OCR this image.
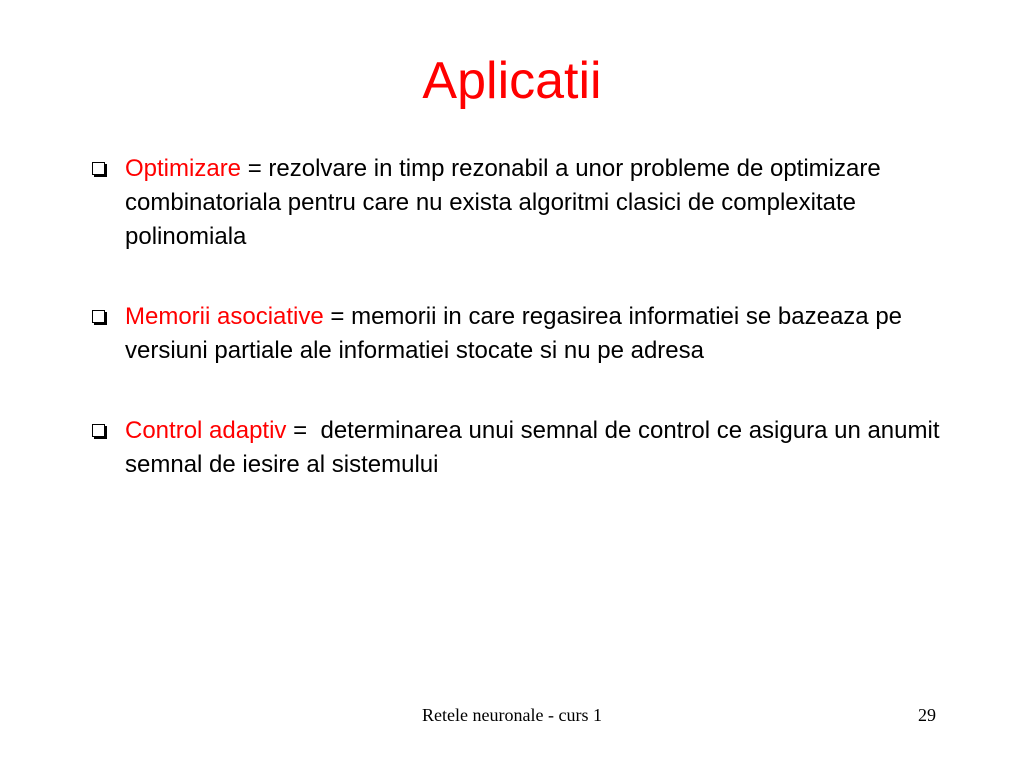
Aplicatii
Optimizare = rezolvare in timp rezonabil a unor probleme de optimizare combinatoriala pentru care nu exista algoritmi clasici de complexitate polinomiala
Memorii asociative = memorii in care regasirea informatiei se bazeaza pe versiuni partiale ale informatiei stocate si nu pe adresa
Control adaptiv =  determinarea unui semnal de control ce asigura un anumit semnal de iesire al sistemului
Retele neuronale - curs 1	29
